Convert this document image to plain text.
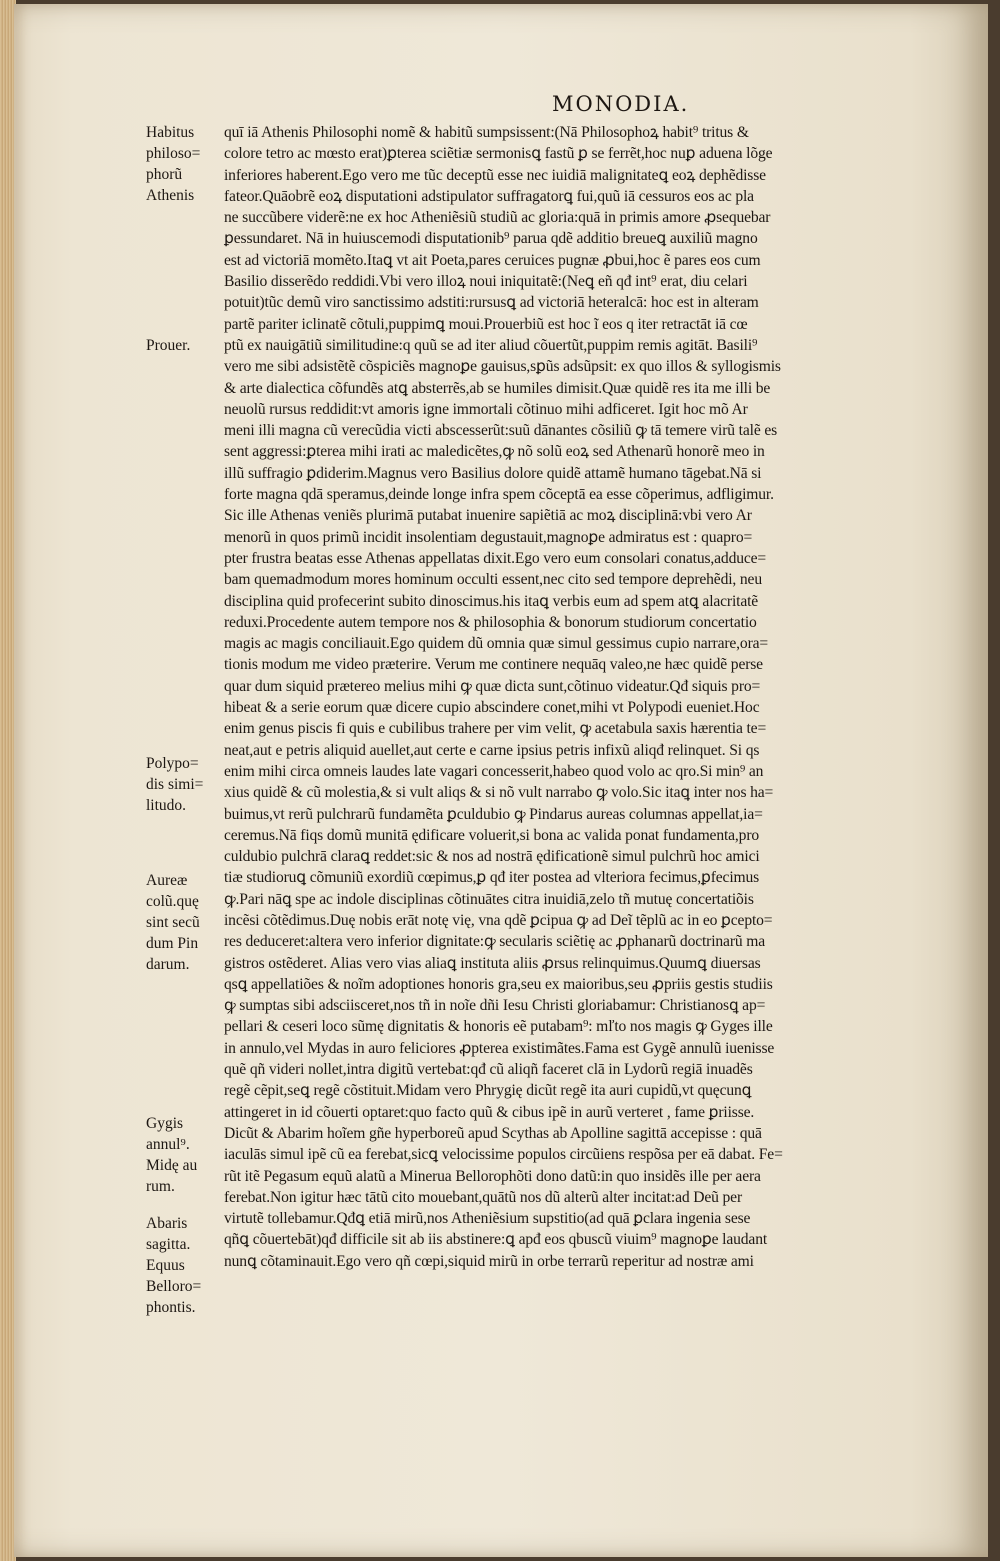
MONODIA.
Habitus
philoso=
phorũ
Athenis
Prouer.
Polypo=
dis simi=
litudo.
Aureæ
colũ.quę
sint secũ
dum Pin
darum.
Gygis
annul⁹.
Midę au
rum.
Abaris
sagitta.
Equus
Belloro=
phontis.
quī iā Athenis Philosophi nomẽ & habitũ sumpsissent:(Nā Philosophoꝝ habit⁹ tritus &
colore tetro ac mœsto erat)ꝑterea sciẽtiæ sermonisꝗ fastũ ꝑ se ferrẽt,hoc nuꝑ aduena lõge
inferiores haberent.Ego vero me tũc deceptũ esse nec iuidiā malignitateꝗ eoꝝ dephẽdisse
fateor.Quāobrẽ eoꝝ disputationi adstipulator suffragatorꝗ fui,quũ iā cessuros eos ac pla
ne succũbere viderẽ:ne ex hoc Atheniẽsiũ studiũ ac gloria:quā in primis amore ꝓsequebar
ꝑessundaret. Nā in huiuscemodi disputationib⁹ parua qdẽ additio breueꝗ auxiliũ magno
est ad victoriā momẽto.Itaꝗ vt ait Poeta,pares ceruices pugnæ ꝓbui,hoc ẽ pares eos cum
Basilio disserẽdo reddidi.Vbi vero illoꝝ noui iniquitatẽ:(Neꝗ eñ qđ int⁹ erat, diu celari
potuit)tũc demũ viro sanctissimo adstiti:rursusꝗ ad victoriā heteralcā: hoc est in alteram
partẽ pariter iclinatẽ cõtuli,puppimꝗ moui.Prouerbiũ est hoc ĩ eos q iter retractāt iā cœ
ptũ ex nauigātiũ similitudine:q quũ se ad iter aliud cõuertũt,puppim remis agitāt. Basili⁹
vero me sibi adsistẽtẽ cõspiciẽs magnoꝑe gauisus,sꝑũs adsũpsit: ex quo illos & syllogismis
& arte dialectica cõfundẽs atꝗ absterrẽs,ab se humiles dimisit.Quæ quidẽ res ita me illi be
neuolũ rursus reddidit:vt amoris igne immortali cõtinuo mihi adficeret. Igit hoc mõ Ar
meni illi magna cũ verecũdia victi abscesserũt:suũ dānantes cõsiliũ ꝙ tā temere virũ talẽ es
sent aggressi:ꝑterea mihi irati ac maledicẽtes,ꝙ nõ solũ eoꝝ sed Athenarũ honorẽ meo in
illũ suffragio ꝑdiderim.Magnus vero Basilius dolore quidẽ attamẽ humano tāgebat.Nā si
forte magna qdā speramus,deinde longe infra spem cõceptā ea esse cõperimus, adfligimur.
Sic ille Athenas veniẽs plurimā putabat inuenire sapiẽtiā ac moꝝ disciplinā:vbi vero Ar
menorũ in quos primũ incidit insolentiam degustauit,magnoꝑe admiratus est : quapro=
pter frustra beatas esse Athenas appellatas dixit.Ego vero eum consolari conatus,adduce=
bam quemadmodum mores hominum occulti essent,nec cito sed tempore deprehẽdi, neu
disciplina quid profecerint subito dinoscimus.his itaꝗ verbis eum ad spem atꝗ alacritatẽ
reduxi.Procedente autem tempore nos & philosophia & bonorum studiorum concertatio
magis ac magis conciliauit.Ego quidem dũ omnia quæ simul gessimus cupio narrare,ora=
tionis modum me video præterire. Verum me continere nequāq valeo,ne hæc quidẽ perse
quar dum siquid prætereo melius mihi ꝙ quæ dicta sunt,cõtinuo videatur.Qđ siquis pro=
hibeat & a serie eorum quæ dicere cupio abscindere conet,mihi vt Polypodi eueniet.Hoc
enim genus piscis fi quis e cubilibus trahere per vim velit, ꝙ acetabula saxis hærentia te=
neat,aut e petris aliquid auellet,aut certe e carne ipsius petris infixũ aliqđ relinquet. Si qs
enim mihi circa omneis laudes late vagari concesserit,habeo quod volo ac qro.Si min⁹ an
xius quidẽ & cũ molestia,& si vult aliqs & si nõ vult narrabo ꝙ volo.Sic itaꝗ inter nos ha=
buimus,vt rerũ pulchrarũ fundamẽta ꝑculdubio ꝙ Pindarus aureas columnas appellat,ia=
ceremus.Nā fiqs domũ munitā ędificare voluerit,si bona ac valida ponat fundamenta,pro
culdubio pulchrā claraꝗ reddet:sic & nos ad nostrā ędificationẽ simul pulchrũ hoc amici
tiæ studioruꝗ cõmuniũ exordiũ cœpimus,ꝑ qđ iter postea ad vlteriora fecimus,ꝑfecimus
ꝙ.Pari nāꝗ spe ac indole disciplinas cõtinuātes citra inuidiā,zelo tñ mutuę concertatiõis
incẽsi cõtẽdimus.Duę nobis erāt notę vię, vna qdẽ ꝑcipua ꝙ ad Deĩ tẽplũ ac in eo ꝑcepto=
res deduceret:altera vero inferior dignitate:ꝙ secularis sciẽtię ac ꝓphanarũ doctrinarũ ma
gistros ostẽderet. Alias vero vias aliaꝗ instituta aliis ꝓrsus relinquimus.Quumꝗ diuersas
qsꝗ appellatiões & noĩm adoptiones honoris gra,seu ex maioribus,seu ꝓpriis gestis studiis
ꝙ sumptas sibi adsciisceret,nos tñ in noĩe dñi Iesu Christi gloriabamur: Christianosꝗ ap=
pellari & ceseri loco sũmę dignitatis & honoris eẽ putabam⁹: mľto nos magis ꝙ Gyges ille
in annulo,vel Mydas in auro feliciores ꝓpterea existimãtes.Fama est Gygẽ annulũ iuenisse
quẽ qñ videri nollet,intra digitũ vertebat:qđ cũ aliqñ faceret clā in Lydorũ regiā inuadẽs
regẽ cẽpit,seꝗ regẽ cõstituit.Midam vero Phrygię dicũt regẽ ita auri cupidũ,vt quęcunꝗ
attingeret in id cõuerti optaret:quo facto quũ & cibus ipẽ in aurũ verteret , fame ꝑriisse.
Dicũt & Abarim hoĩem gñe hyperboreũ apud Scythas ab Apolline sagittā accepisse : quā
iaculās simul ipẽ cũ ea ferebat,sicꝗ velocissime populos circũiens respõsa per eā dabat. Fe=
rũt itẽ Pegasum equũ alatũ a Minerua Bellorophõti dono datũ:in quo insidẽs ille per aera
ferebat.Non igitur hæc tātũ cito mouebant,quātũ nos dũ alterũ alter incitat:ad Deũ per
virtutẽ tollebamur.Qđꝗ etiā mirũ,nos Atheniẽsium supstitio(ad quā ꝑclara ingenia sese
qñꝗ cõuertebāt)qđ difficile sit ab iis abstinere:ꝗ apđ eos qbuscũ viuim⁹ magnoꝑe laudant
nunꝗ cõtaminauit.Ego vero qñ cœpi,siquid mirũ in orbe terrarũ reperitur ad nostræ ami
